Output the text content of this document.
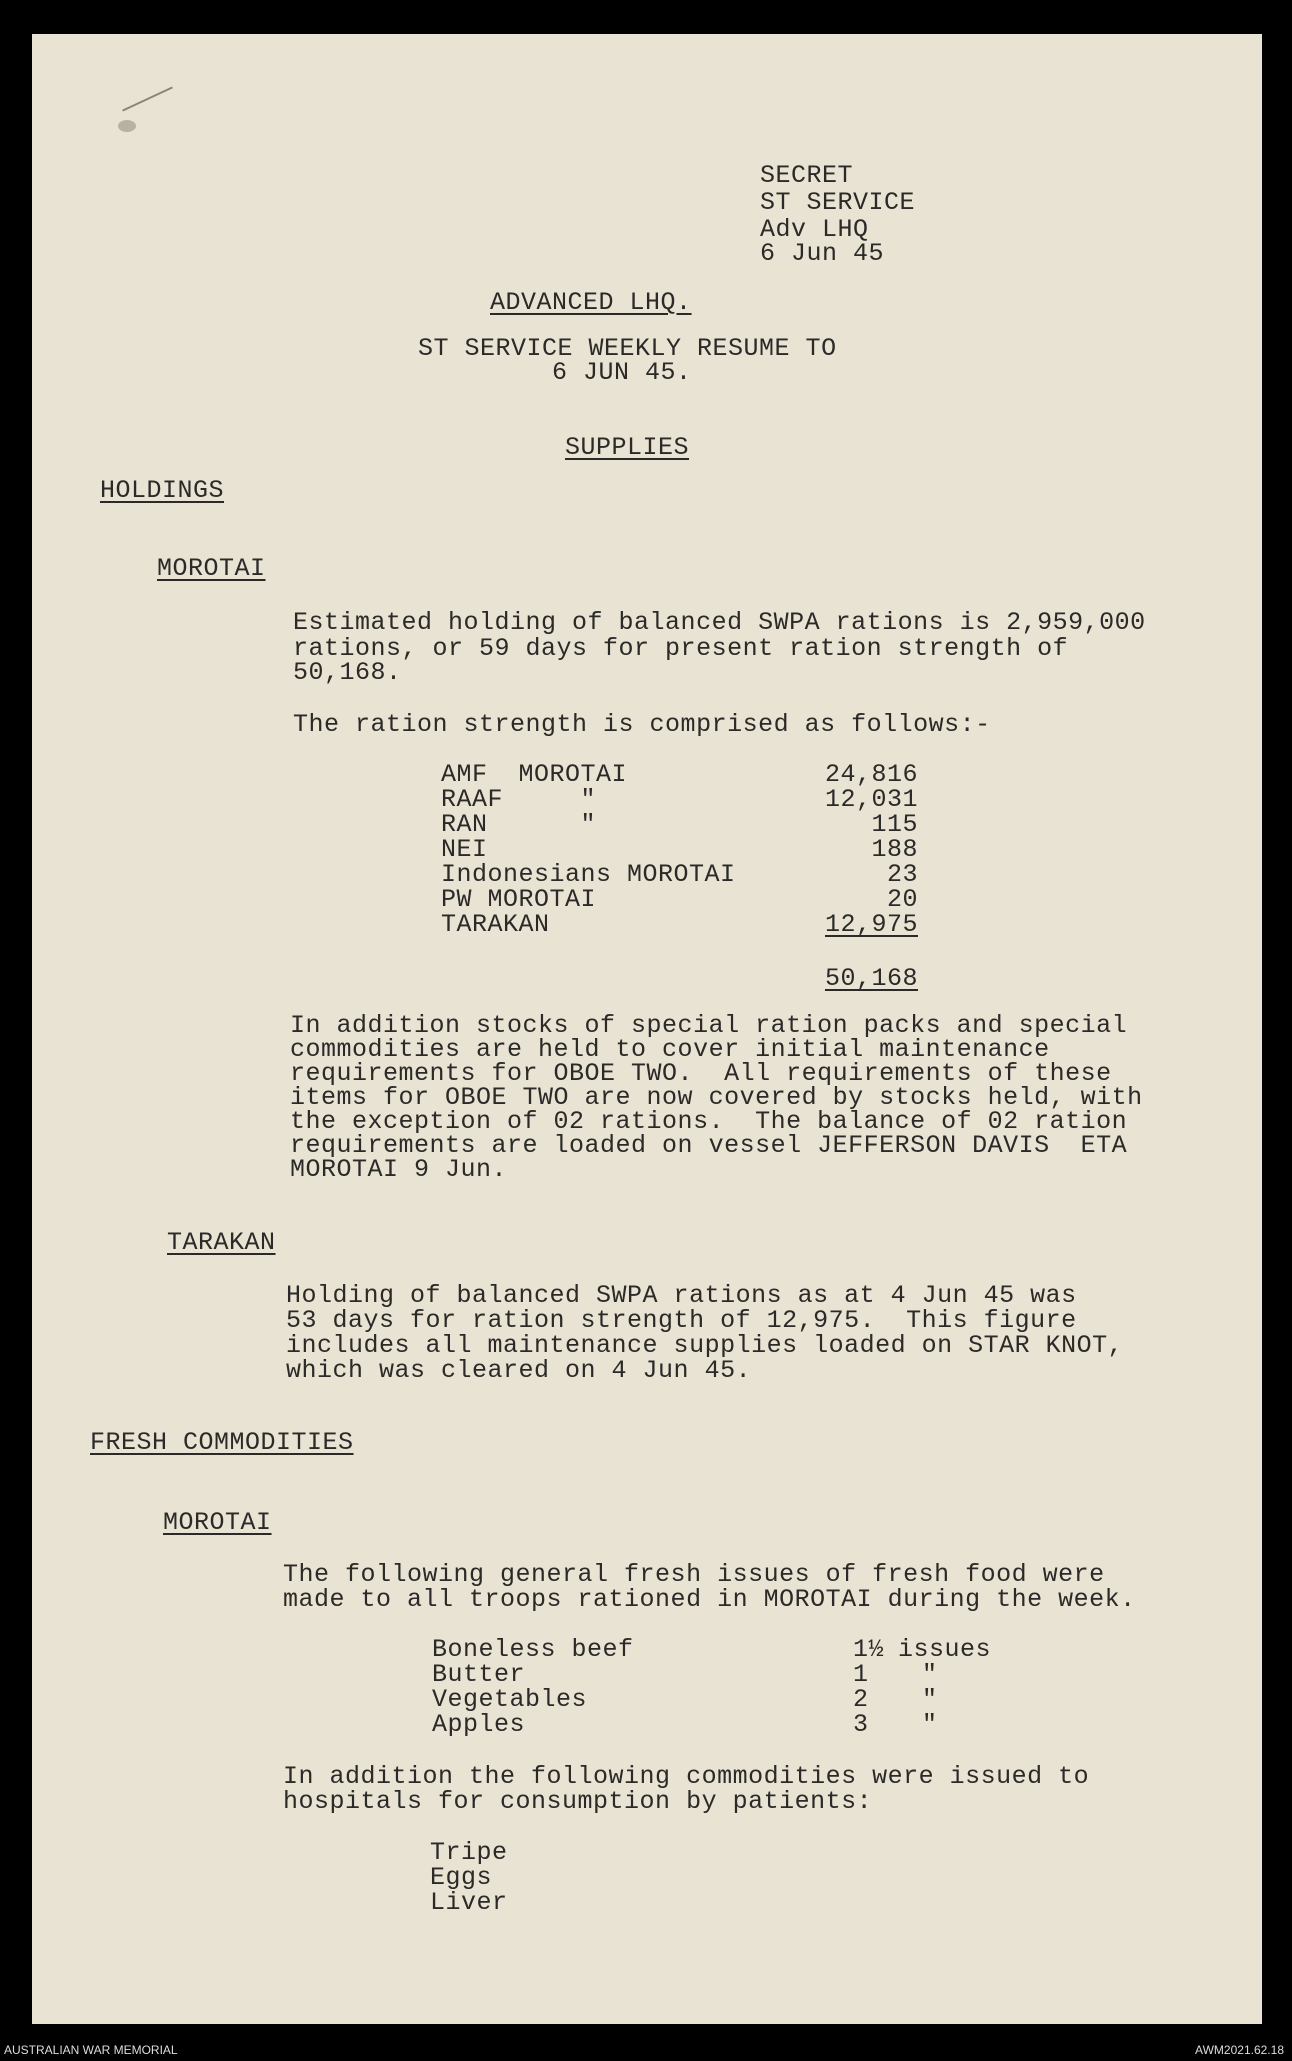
SECRET
ST SERVICE
Adv LHQ
6 Jun 45
ADVANCED LHQ.
ST SERVICE WEEKLY RESUME TO
6 JUN 45.
SUPPLIES
HOLDINGS
MOROTAI
Estimated holding of balanced SWPA rations is 2,959,000
rations, or 59 days for present ration strength of
50,168.
The ration strength is comprised as follows:-
AMF  MOROTAI	24,816
RAAF     "	12,031
RAN      "	115
NEI	188
Indonesians MOROTAI	23
PW MOROTAI	20
TARAKAN	12,975
50,168
In addition stocks of special ration packs and special
commodities are held to cover initial maintenance
requirements for OBOE TWO.  All requirements of these
items for OBOE TWO are now covered by stocks held, with
the exception of 02 rations.  The balance of 02 ration
requirements are loaded on vessel JEFFERSON DAVIS  ETA
MOROTAI 9 Jun.
TARAKAN
Holding of balanced SWPA rations as at 4 Jun 45 was
53 days for ration strength of 12,975.  This figure
includes all maintenance supplies loaded on STAR KNOT,
which was cleared on 4 Jun 45.
FRESH COMMODITIES
MOROTAI
The following general fresh issues of fresh food were
made to all troops rationed in MOROTAI during the week.
Boneless beef	1½ issues
Butter	1 "
Vegetables	2 "
Apples	3 "
In addition the following commodities were issued to
hospitals for consumption by patients:
Tripe
Eggs
Liver
AUSTRALIAN WAR MEMORIAL	AWM2021.62.18
